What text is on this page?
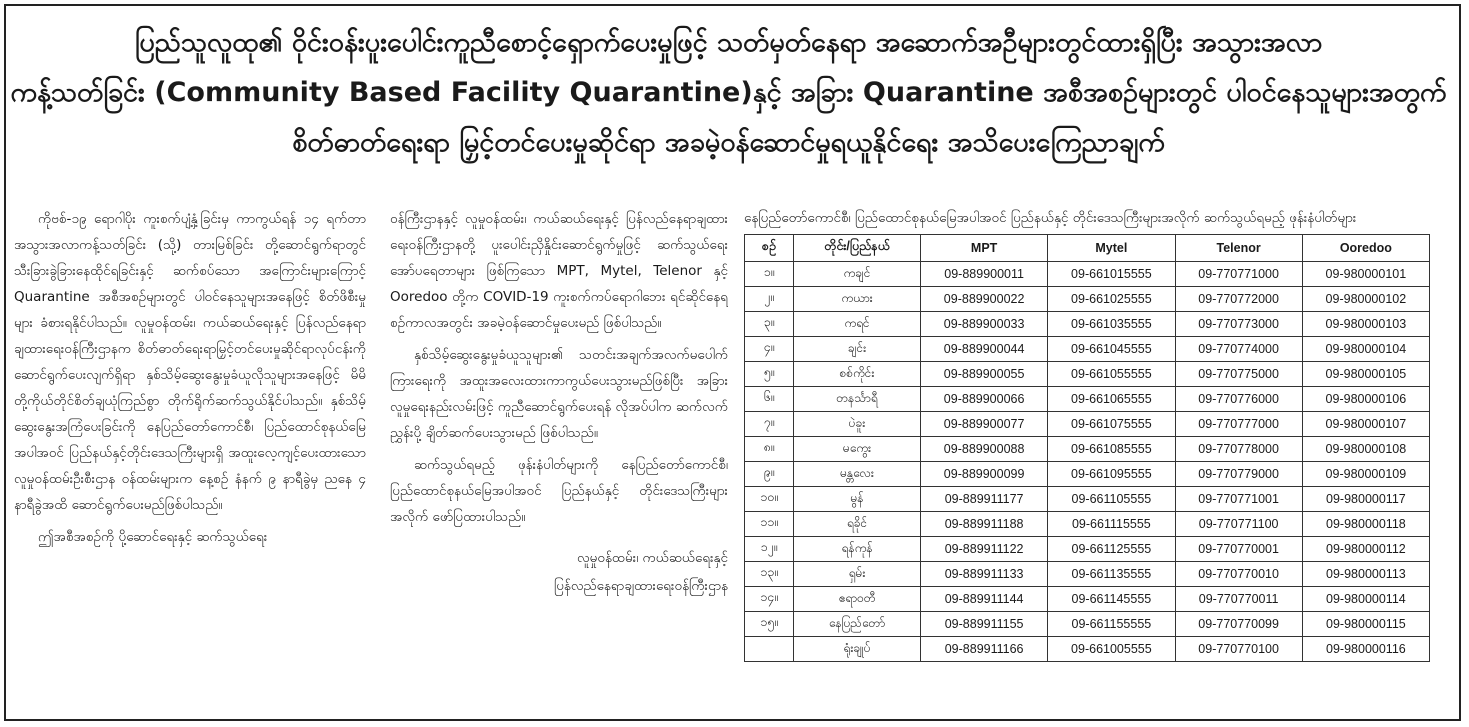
ပြည်သူလူထု၏ ဝိုင်းဝန်းပူးပေါင်းကူညီစောင့်ရှောက်ပေးမှုဖြင့် သတ်မှတ်နေရာ အဆောက်အဦများတွင်ထားရှိပြီး အသွားအလာ
ကန့်သတ်ခြင်း (Community Based Facility Quarantine)နှင့် အခြား Quarantine အစီအစဉ်များတွင် ပါဝင်နေသူများအတွက်
စိတ်ဓာတ်ရေးရာ မြှင့်တင်ပေးမှုဆိုင်ရာ အခမဲ့ဝန်ဆောင်မှုရယူနိုင်ရေး အသိပေးကြေညာချက်

ကိုဗစ်-၁၉ ရောဂါပိုး ကူးစက်ပျံ့နှံ့ခြင်းမှ ကာကွယ်ရန် ၁၄ ရက်တာ အသွားအလာကန့်သတ်ခြင်း (သို့) တားမြစ်ခြင်း တို့ဆောင်ရွက်ရာတွင် သီးခြားခွဲခြားနေထိုင်ရခြင်းနှင့် ဆက်စပ်သော အကြောင်းများကြောင့် Quarantine အစီအစဉ်များတွင် ပါဝင်နေသူများအနေဖြင့် စိတ်ဖိစီးမှုများ ခံစားရနိုင်ပါသည်။ လူမှုဝန်ထမ်း၊ ကယ်ဆယ်ရေးနှင့် ပြန်လည်နေရာချထားရေးဝန်ကြီးဌာနက စိတ်ဓာတ်ရေးရာမြှင့်တင်ပေးမှုဆိုင်ရာလုပ်ငန်းကို ဆောင်ရွက်ပေးလျက်ရှိရာ နှစ်သိမ့်ဆွေးနွေးမှုခံယူလိုသူများအနေဖြင့် မိမိတို့ကိုယ်တိုင်စိတ်ချယုံကြည်စွာ တိုက်ရိုက်ဆက်သွယ်နိုင်ပါသည်။ နှစ်သိမ့်ဆွေးနွေးအကြံပေးခြင်းကို နေပြည်တော်ကောင်စီ၊ ပြည်ထောင်စုနယ်မြေအပါအဝင် ပြည်နယ်နှင့်တိုင်းဒေသကြီးများရှိ အထူးလေ့ကျင့်ပေးထားသော လူမှုဝန်ထမ်းဦးစီးဌာန ဝန်ထမ်းများက နေ့စဉ် နံနက် ၉ နာရီခွဲမှ ညနေ ၄ နာရီခွဲအထိ ဆောင်ရွက်ပေးမည်ဖြစ်ပါသည်။

ဤအစီအစဉ်ကို ပို့ဆောင်ရေးနှင့် ဆက်သွယ်ရေး

ဝန်ကြီးဌာနနှင့် လူမှုဝန်ထမ်း၊ ကယ်ဆယ်ရေးနှင့် ပြန်လည်နေရာချထားရေးဝန်ကြီးဌာနတို့ ပူးပေါင်းညှိနှိုင်းဆောင်ရွက်မှုဖြင့် ဆက်သွယ်ရေးအော်ပရေတာများ ဖြစ်ကြသော MPT, Mytel, Telenor နှင့် Ooredoo တို့က COVID-19 ကူးစက်ကပ်ရောဂါဘေး ရင်ဆိုင်နေရစဉ်ကာလအတွင်း အခမဲ့ဝန်ဆောင်မှုပေးမည် ဖြစ်ပါသည်။

နှစ်သိမ့်ဆွေးနွေးမှုခံယူသူများ၏ သတင်းအချက်အလက်မပေါက်ကြားရေးကို အထူးအလေးထားကာကွယ်ပေးသွားမည်ဖြစ်ပြီး အခြားလူမှုရေးနည်းလမ်းဖြင့် ကူညီဆောင်ရွက်ပေးရန် လိုအပ်ပါက ဆက်လက်ညွှန်းပို့ ချိတ်ဆက်ပေးသွားမည် ဖြစ်ပါသည်။

ဆက်သွယ်ရမည့် ဖုန်းနံပါတ်များကို နေပြည်တော်ကောင်စီ၊ ပြည်ထောင်စုနယ်မြေအပါအဝင် ပြည်နယ်နှင့် တိုင်းဒေသကြီးများအလိုက် ဖော်ပြထားပါသည်။

လူမှုဝန်ထမ်း၊ ကယ်ဆယ်ရေးနှင့်
ပြန်လည်နေရာချထားရေးဝန်ကြီးဌာန
နေပြည်တော်ကောင်စီ၊ ပြည်ထောင်စုနယ်မြေအပါအဝင် ပြည်နယ်နှင့် တိုင်းဒေသကြီးများအလိုက် ဆက်သွယ်ရမည့် ဖုန်းနံပါတ်များ
စဉ်	တိုင်း/ပြည်နယ်	MPT	Mytel	Telenor	Ooredoo
၁။	ကချင်	09-889900011	09-661015555	09-770771000	09-980000101
၂။	ကယား	09-889900022	09-661025555	09-770772000	09-980000102
၃။	ကရင်	09-889900033	09-661035555	09-770773000	09-980000103
၄။	ချင်း	09-889900044	09-661045555	09-770774000	09-980000104
၅။	စစ်ကိုင်း	09-889900055	09-661055555	09-770775000	09-980000105
၆။	တနင်္သာရီ	09-889900066	09-661065555	09-770776000	09-980000106
၇။	ပဲခူး	09-889900077	09-661075555	09-770777000	09-980000107
၈။	မကွေး	09-889900088	09-661085555	09-770778000	09-980000108
၉။	မန္တလေး	09-889900099	09-661095555	09-770779000	09-980000109
၁၀။	မွန်	09-889911177	09-661105555	09-770771001	09-980000117
၁၁။	ရခိုင်	09-889911188	09-661115555	09-770771100	09-980000118
၁၂။	ရန်ကုန်	09-889911122	09-661125555	09-770770001	09-980000112
၁၃။	ရှမ်း	09-889911133	09-661135555	09-770770010	09-980000113
၁၄။	ဧရာဝတီ	09-889911144	09-661145555	09-770770011	09-980000114
၁၅။	နေပြည်တော်	09-889911155	09-661155555	09-770770099	09-980000115
	ရုံးချုပ်	09-889911166	09-661005555	09-770770100	09-980000116
